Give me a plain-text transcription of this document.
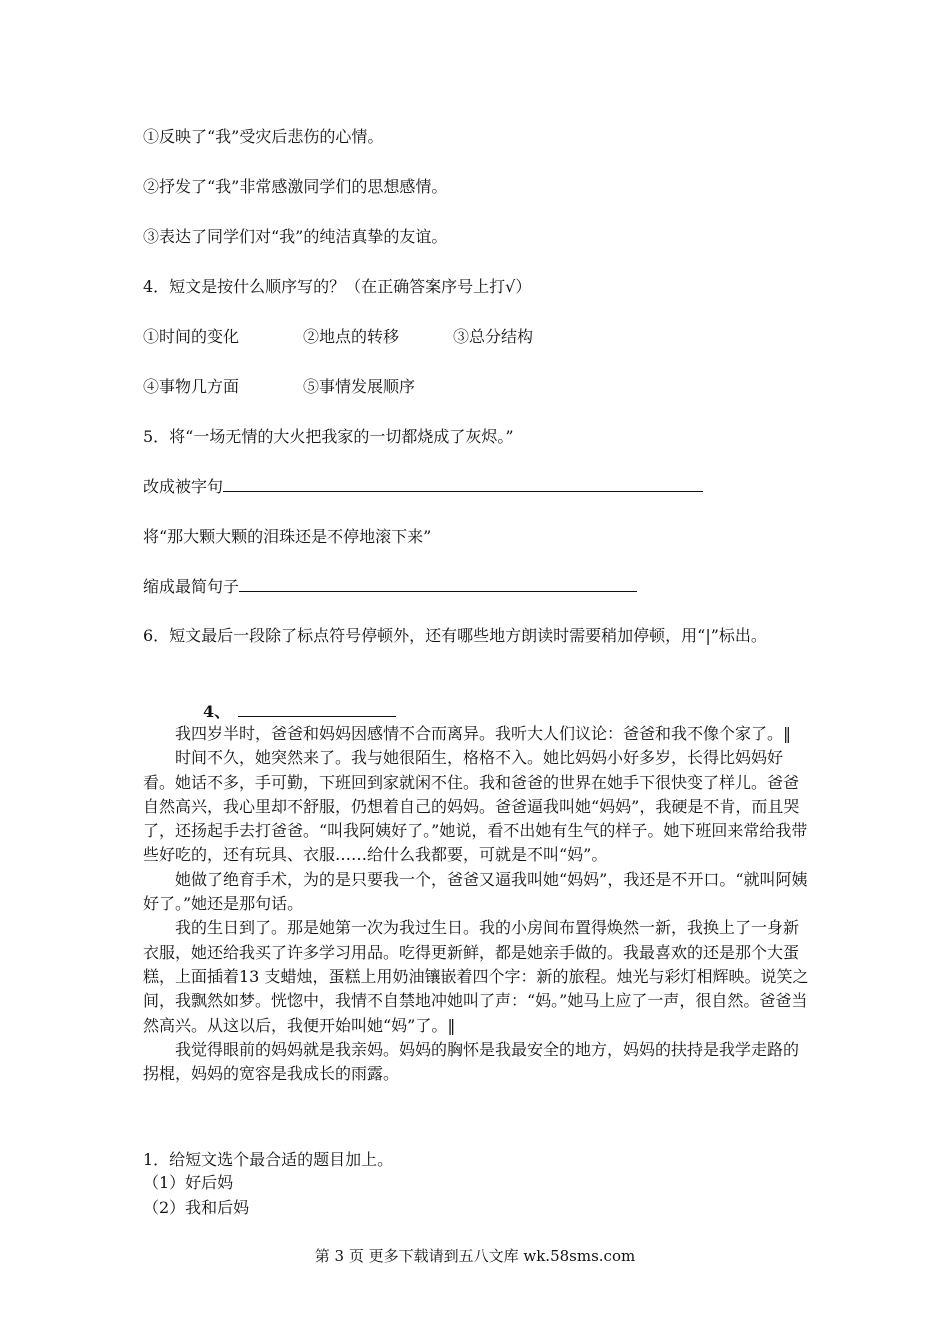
①反映了“我”受灾后悲伤的心情。
②抒发了“我”非常感激同学们的思想感情。
③表达了同学们对“我”的纯洁真挚的友谊。
4．短文是按什么顺序写的？（在正确答案序号上打√）
①时间的变化	②地点的转移	③总分结构
④事物几方面	⑤事情发展顺序
5．将“一场无情的大火把我家的一切都烧成了灰烬。”
改成被字句
将“那大颗大颗的泪珠还是不停地滚下来”
缩成最简句子
6．短文最后一段除了标点符号停顿外，还有哪些地方朗读时需要稍加停顿，用“|”标出。
4、

我四岁半时，爸爸和妈妈因感情不合而离异。我听大人们议论：爸爸和我不像个家了。‖

时间不久，她突然来了。我与她很陌生，格格不入。她比妈妈小好多岁，长得比妈妈好看。她话不多，手可勤，下班回到家就闲不住。我和爸爸的世界在她手下很快变了样儿。爸爸自然高兴，我心里却不舒服，仍想着自己的妈妈。爸爸逼我叫她“妈妈”，我硬是不肯，而且哭了，还扬起手去打爸爸。“叫我阿姨好了。”她说，看不出她有生气的样子。她下班回来常给我带些好吃的，还有玩具、衣服……给什么我都要，可就是不叫“妈”。

她做了绝育手术，为的是只要我一个，爸爸又逼我叫她“妈妈”，我还是不开口。“就叫阿姨好了。”她还是那句话。

我的生日到了。那是她第一次为我过生日。我的小房间布置得焕然一新，我换上了一身新衣服，她还给我买了许多学习用品。吃得更新鲜，都是她亲手做的。我最喜欢的还是那个大蛋糕，上面插着13 支蜡烛，蛋糕上用奶油镶嵌着四个字：新的旅程。烛光与彩灯相辉映。说笑之间，我飘然如梦。恍惚中，我情不自禁地冲她叫了声：“妈。”她马上应了一声，很自然。爸爸当然高兴。从这以后，我便开始叫她“妈”了。‖

我觉得眼前的妈妈就是我亲妈。妈妈的胸怀是我最安全的地方，妈妈的扶持是我学走路的拐棍，妈妈的宽容是我成长的雨露。

1．给短文选个最合适的题目加上。
（1）好后妈
（2）我和后妈
第 3 页 更多下载请到五八文库 wk.58sms.com
